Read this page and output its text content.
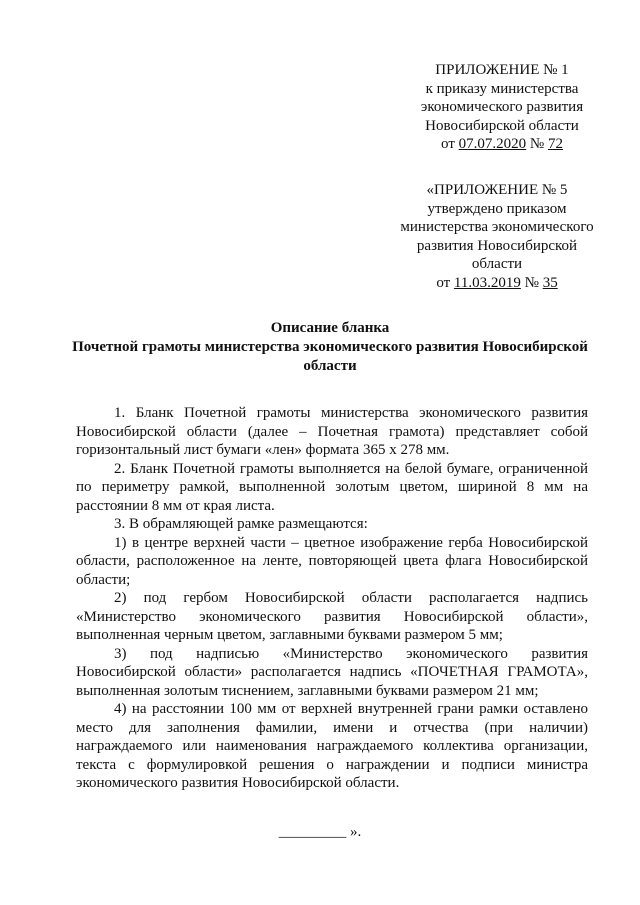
ПРИЛОЖЕНИЕ № 1
к приказу министерства
экономического развития
Новосибирской области
от 07.07.2020 № 72
«ПРИЛОЖЕНИЕ № 5
утверждено приказом
министерства экономического
развития Новосибирской
области
от 11.03.2019 № 35
Описание бланка
Почетной грамоты министерства экономического развития Новосибирской области

1. Бланк Почетной грамоты министерства экономического развития Новосибирской области (далее – Почетная грамота) представляет собой горизонтальный лист бумаги «лен» формата 365 х 278 мм.

2. Бланк Почетной грамоты выполняется на белой бумаге, ограниченной по периметру рамкой, выполненной золотым цветом, шириной 8 мм на расстоянии 8 мм от края листа.

3. В обрамляющей рамке размещаются:

1) в центре верхней части – цветное изображение герба Новосибирской области, расположенное на ленте, повторяющей цвета флага Новосибирской области;

2) под гербом Новосибирской области располагается надпись «Министерство экономического развития Новосибирской области», выполненная черным цветом, заглавными буквами размером 5 мм;

3) под надписью «Министерство экономического развития Новосибирской области» располагается надпись «ПОЧЕТНАЯ ГРАМОТА», выполненная золотым тиснением, заглавными буквами размером 21 мм;

4) на расстоянии 100 мм от верхней внутренней грани рамки оставлено место для заполнения фамилии, имени и отчества (при наличии) награждаемого или наименования награждаемого коллектива организации, текста с формулировкой решения о награждении и подписи министра экономического развития Новосибирской области.

_________ ».
